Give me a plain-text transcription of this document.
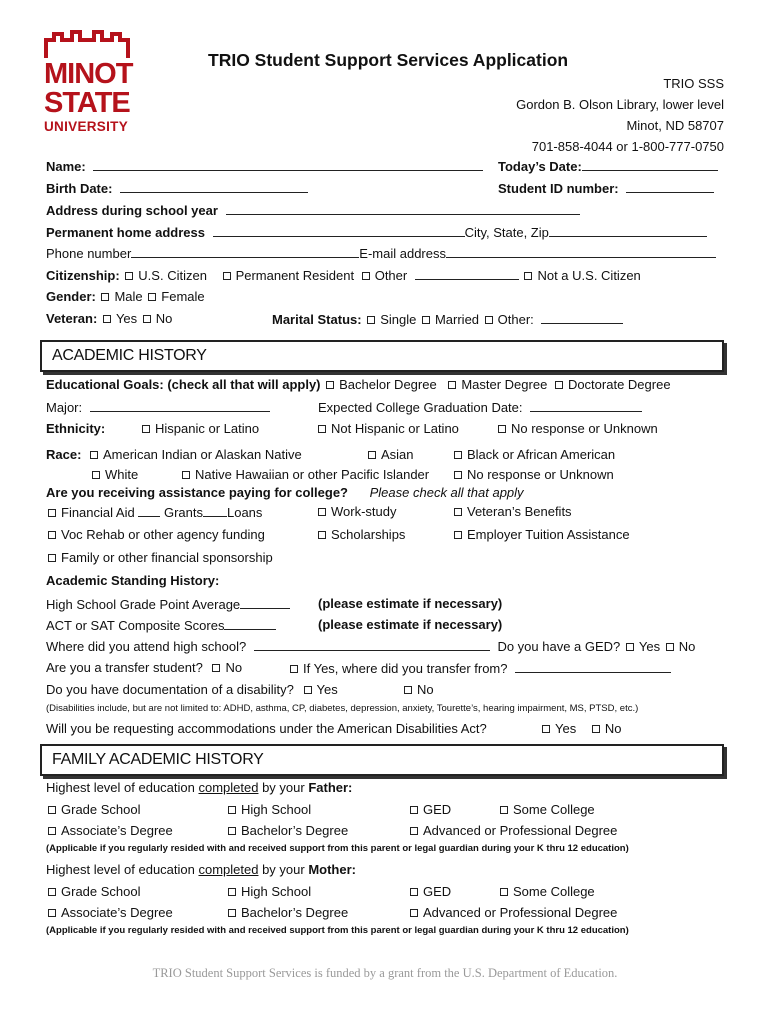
MINOT
STATE
UNIVERSITY
TRIO Student Support Services Application
TRIO SSS
Gordon B. Olson Library, lower level
Minot, ND 58707
701-858-4044 or 1-800-777-0750
Name:	Today’s Date:
Birth Date:	Student ID number:
Address during school year
Permanent home address	City, State, Zip
Phone number	E-mail address
Citizenship: U.S. Citizen Permanent Resident Other	Not a U.S. Citizen
Gender: Male Female
Veteran: Yes No	Marital Status: Single Married Other:
ACADEMIC HISTORY
Educational Goals: (check all that will apply) Bachelor Degree Master Degree Doctorate Degree
Major:	Expected College Graduation Date:
Ethnicity:	Hispanic or Latino	Not Hispanic or Latino	No response or Unknown
Race:	American Indian or Alaskan Native	Asian	Black or African American
White	Native Hawaiian or other Pacific Islander	No response or Unknown
Are you receiving assistance paying for college? Please check all that apply
Financial Aid Grants Loans	Work-study	Veteran’s Benefits
Voc Rehab or other agency funding	Scholarships	Employer Tuition Assistance
Family or other financial sponsorship
Academic Standing History:
High School Grade Point Average	(please estimate if necessary)
ACT or SAT Composite Scores	(please estimate if necessary)
Where did you attend high school?	Do you have a GED? Yes No
Are you a transfer student? No	If Yes, where did you transfer from?
Do you have documentation of a disability? Yes	No
(Disabilities include, but are not limited to: ADHD, asthma, CP, diabetes, depression, anxiety, Tourette’s, hearing impairment, MS, PTSD, etc.)
Will you be requesting accommodations under the American Disabilities Act?	Yes No
FAMILY ACADEMIC HISTORY
Highest level of education completed by your Father:
Grade School	High School	GED	Some College
Associate’s Degree	Bachelor’s Degree	Advanced or Professional Degree
(Applicable if you regularly resided with and received support from this parent or legal guardian during your K thru 12 education)
Highest level of education completed by your Mother:
Grade School	High School	GED	Some College
Associate’s Degree	Bachelor’s Degree	Advanced or Professional Degree
(Applicable if you regularly resided with and received support from this parent or legal guardian during your K thru 12 education)
TRIO Student Support Services is funded by a grant from the U.S. Department of Education.
